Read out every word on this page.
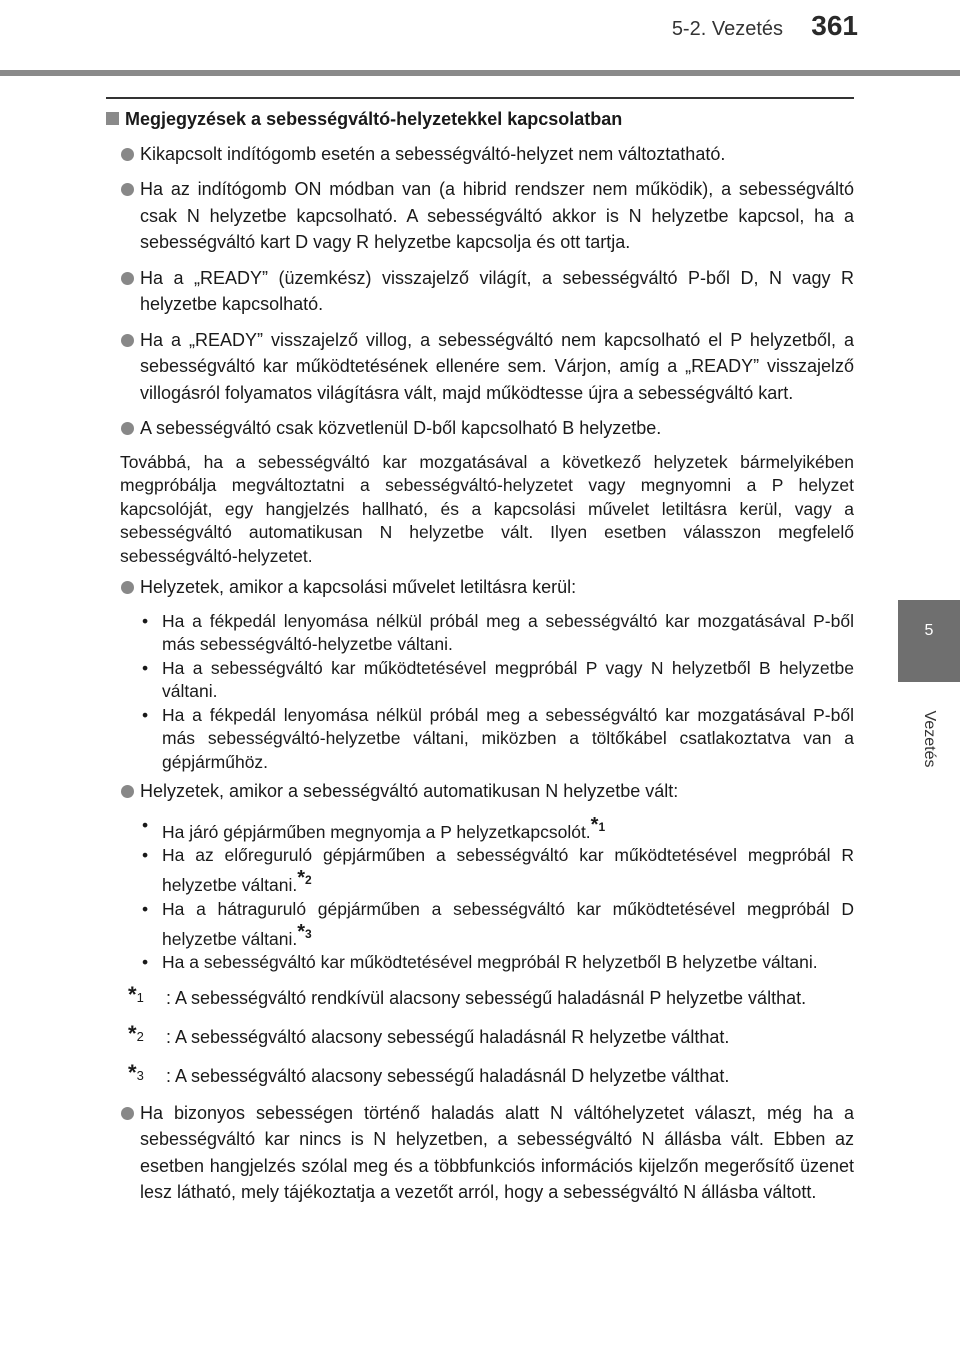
5-2. Vezetés 361
5
Vezetés
Megjegyzések a sebességváltó-helyzetekkel kapcsolatban
Kikapcsolt indítógomb esetén a sebességváltó-helyzet nem változtatható.
Ha az indítógomb ON módban van (a hibrid rendszer nem működik), a sebességváltó csak N helyzetbe kapcsolható. A sebességváltó akkor is N helyzetbe kapcsol, ha a sebességváltó kart D vagy R helyzetbe kapcsolja és ott tartja.
Ha a „READY” (üzemkész) visszajelző világít, a sebességváltó P-ből D, N vagy R helyzetbe kapcsolható.
Ha a „READY” visszajelző villog, a sebességváltó nem kapcsolható el P helyzetből, a sebességváltó kar működtetésének ellenére sem. Várjon, amíg a „READY” visszajelző villogásról folyamatos világításra vált, majd működtesse újra a sebességváltó kart.
A sebességváltó csak közvetlenül D-ből kapcsolható B helyzetbe.
Továbbá, ha a sebességváltó kar mozgatásával a következő helyzetek bármelyikében megpróbálja megváltoztatni a sebességváltó-helyzetet vagy megnyomni a P helyzet kapcsolóját, egy hangjelzés hallható, és a kapcsolási művelet letiltásra kerül, vagy a sebességváltó automatikusan N helyzetbe vált. Ilyen esetben válasszon megfelelő sebességváltó-helyzetet.
Helyzetek, amikor a kapcsolási művelet letiltásra kerül:
• Ha a fékpedál lenyomása nélkül próbál meg a sebességváltó kar mozgatásával P-ből más sebességváltó-helyzetbe váltani.
• Ha a sebességváltó kar működtetésével megpróbál P vagy N helyzetből B helyzetbe váltani.
• Ha a fékpedál lenyomása nélkül próbál meg a sebességváltó kar mozgatásával P-ből más sebességváltó-helyzetbe váltani, miközben a töltőkábel csatlakoztatva van a gépjárműhöz.
Helyzetek, amikor a sebességváltó automatikusan N helyzetbe vált:
• Ha járó gépjárműben megnyomja a P helyzetkapcsolót.$^{*1}$
• Ha az előreguruló gépjárműben a sebességváltó kar működtetésével megpróbál R helyzetbe váltani.$^{*2}$
• Ha a hátraguruló gépjárműben a sebességváltó kar működtetésével megpróbál D helyzetbe váltani.$^{*3}$
• Ha a sebességváltó kar működtetésével megpróbál R helyzetből B helyzetbe váltani.
*1 : A sebességváltó rendkívül alacsony sebességű haladásnál P helyzetbe válthat.
*2 : A sebességváltó alacsony sebességű haladásnál R helyzetbe válthat.
*3 : A sebességváltó alacsony sebességű haladásnál D helyzetbe válthat.
Ha bizonyos sebességen történő haladás alatt N váltóhelyzetet választ, még ha a sebességváltó kar nincs is N helyzetben, a sebességváltó N állásba vált. Ebben az esetben hangjelzés szólal meg és a többfunkciós információs kijelzőn megerősítő üzenet lesz látható, mely tájékoztatja a vezetőt arról, hogy a sebességváltó N állásba váltott.
